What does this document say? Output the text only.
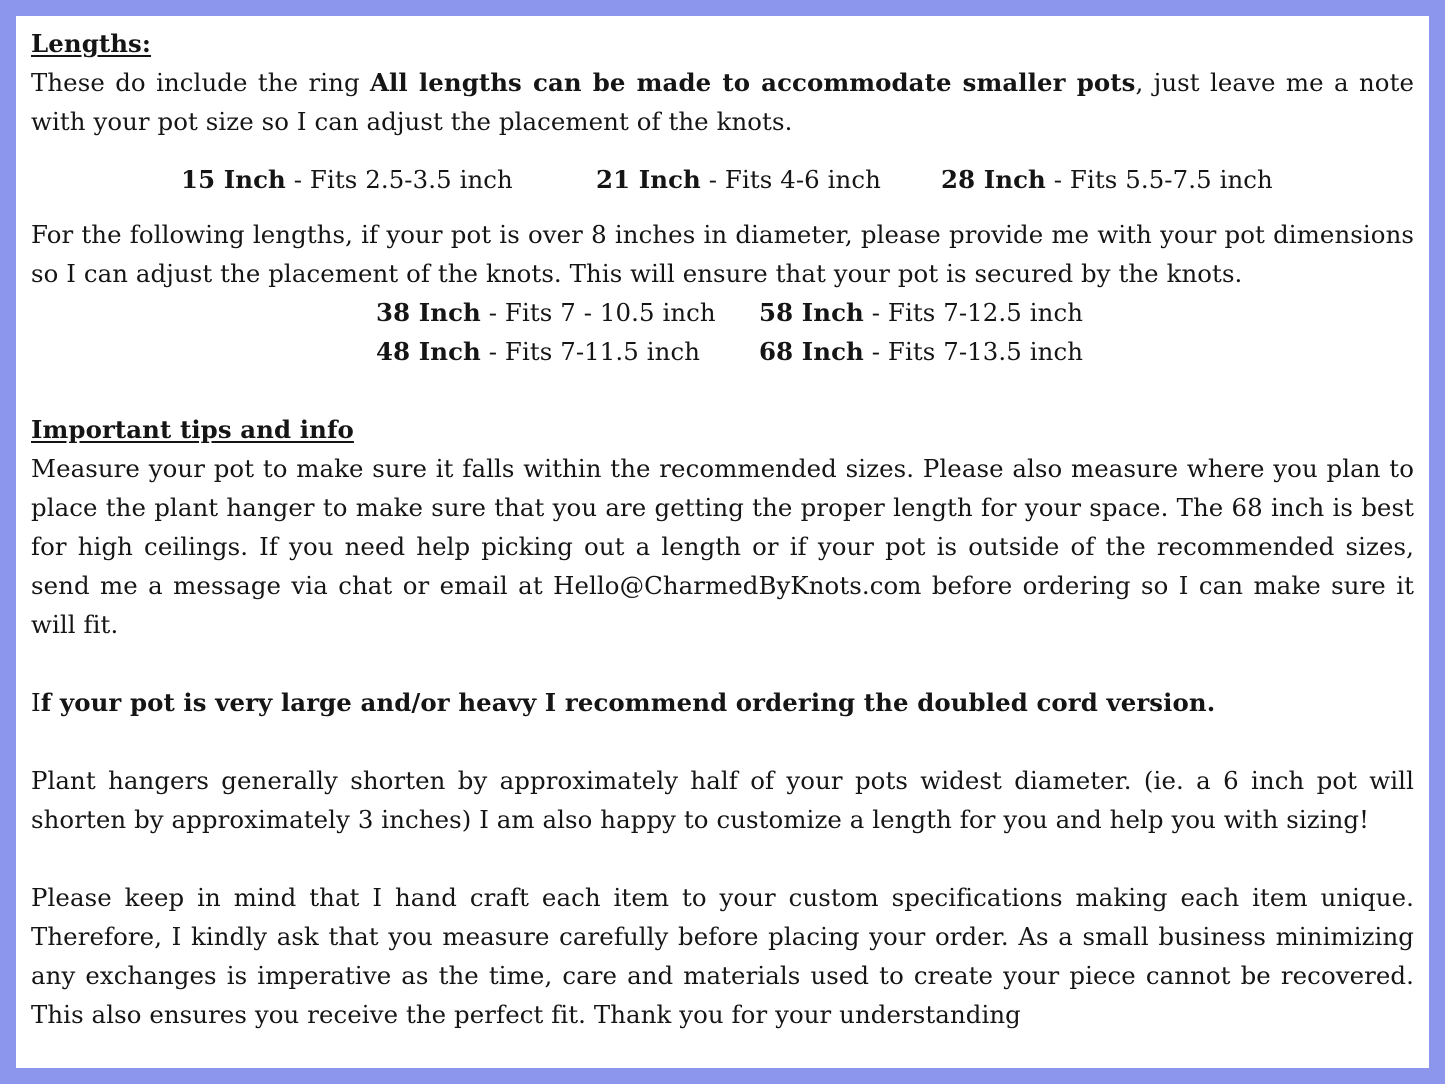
Lengths:

These do include the ring All lengths can be made to accommodate smaller pots, just leave me a note with your pot size so I can adjust the placement of the knots.

15 Inch - Fits 2.5-3.5 inch	21 Inch - Fits 4-6 inch 28 Inch - Fits 5.5-7.5 inch

For the following lengths, if your pot is over 8 inches in diameter, please provide me with your pot dimensions so I can adjust the placement of the knots. This will ensure that your pot is secured by the knots.

38 Inch - Fits 7 - 10.5 inch 58 Inch - Fits 7-12.5 inch
48 Inch - Fits 7-11.5 inch 68 Inch - Fits 7-13.5 inch

Important tips and info

Measure your pot to make sure it falls within the recommended sizes. Please also measure where you plan to place the plant hanger to make sure that you are getting the proper length for your space. The 68 inch is best for high ceilings. If you need help picking out a length or if your pot is outside of the recommended sizes, send me a message via chat or email at Hello@CharmedByKnots.com before ordering so I can make sure it will fit.

If your pot is very large and/or heavy I recommend ordering the doubled cord version.

Plant hangers generally shorten by approximately half of your pots widest diameter. (ie. a 6 inch pot will shorten by approximately 3 inches) I am also happy to customize a length for you and help you with sizing!

Please keep in mind that I hand craft each item to your custom specifications making each item unique. Therefore, I kindly ask that you measure carefully before placing your order. As a small business minimizing any exchanges is imperative as the time, care and materials used to create your piece cannot be recovered. This also ensures you receive the perfect fit. Thank you for your understanding
